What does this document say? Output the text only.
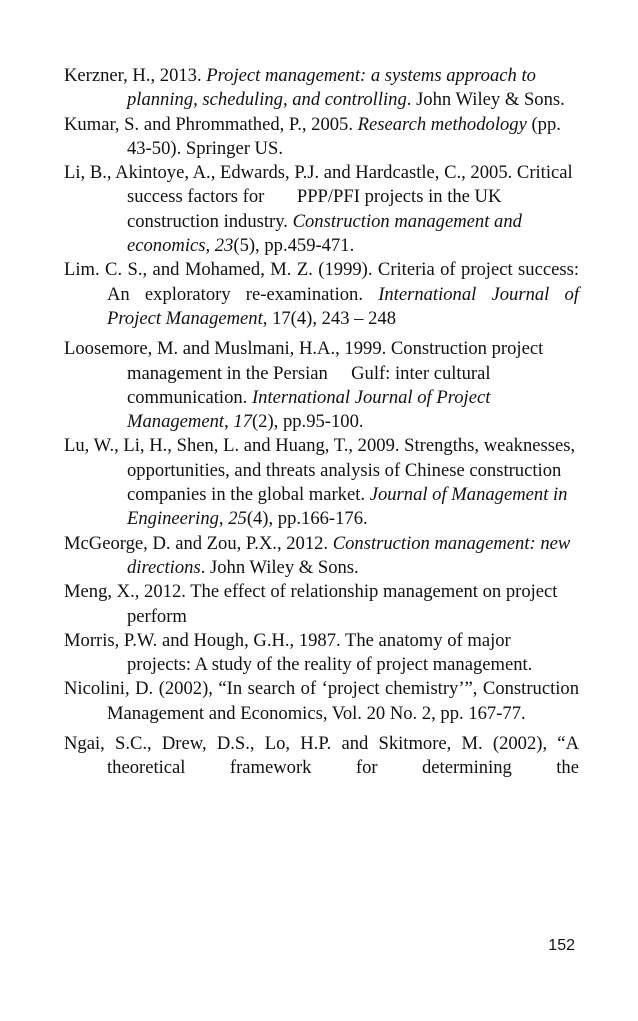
Kerzner, H., 2013. Project management: a systems approach to planning, scheduling, and controlling. John Wiley & Sons.

Kumar, S. and Phrommathed, P., 2005. Research methodology (pp. 43-50). Springer US.

Li, B., Akintoye, A., Edwards, P.J. and Hardcastle, C., 2005. Critical success factors for       PPP/PFI projects in the UK construction industry. Construction management and economics, 23(5), pp.459-471.

Lim. C. S., and Mohamed, M. Z. (1999). Criteria of project success: An exploratory re-examination. International Journal of Project Management, 17(4), 243 – 248

Loosemore, M. and Muslmani, H.A., 1999. Construction project management in the Persian     Gulf: inter cultural communication. International Journal of Project Management, 17(2), pp.95-100.

Lu, W., Li, H., Shen, L. and Huang, T., 2009. Strengths, weaknesses, opportunities, and threats analysis of Chinese construction companies in the global market. Journal of Management in Engineering, 25(4), pp.166-176.

McGeorge, D. and Zou, P.X., 2012. Construction management: new directions. John Wiley & Sons.

Meng, X., 2012. The effect of relationship management on project perform

Morris, P.W. and Hough, G.H., 1987. The anatomy of major projects: A study of the reality of project management.

Nicolini, D. (2002), “In search of ‘project chemistry’”, Construction Management and Economics, Vol. 20 No. 2, pp. 167-77.

Ngai, S.C., Drew, D.S., Lo, H.P. and Skitmore, M. (2002), “A theoretical framework for determining the

152
